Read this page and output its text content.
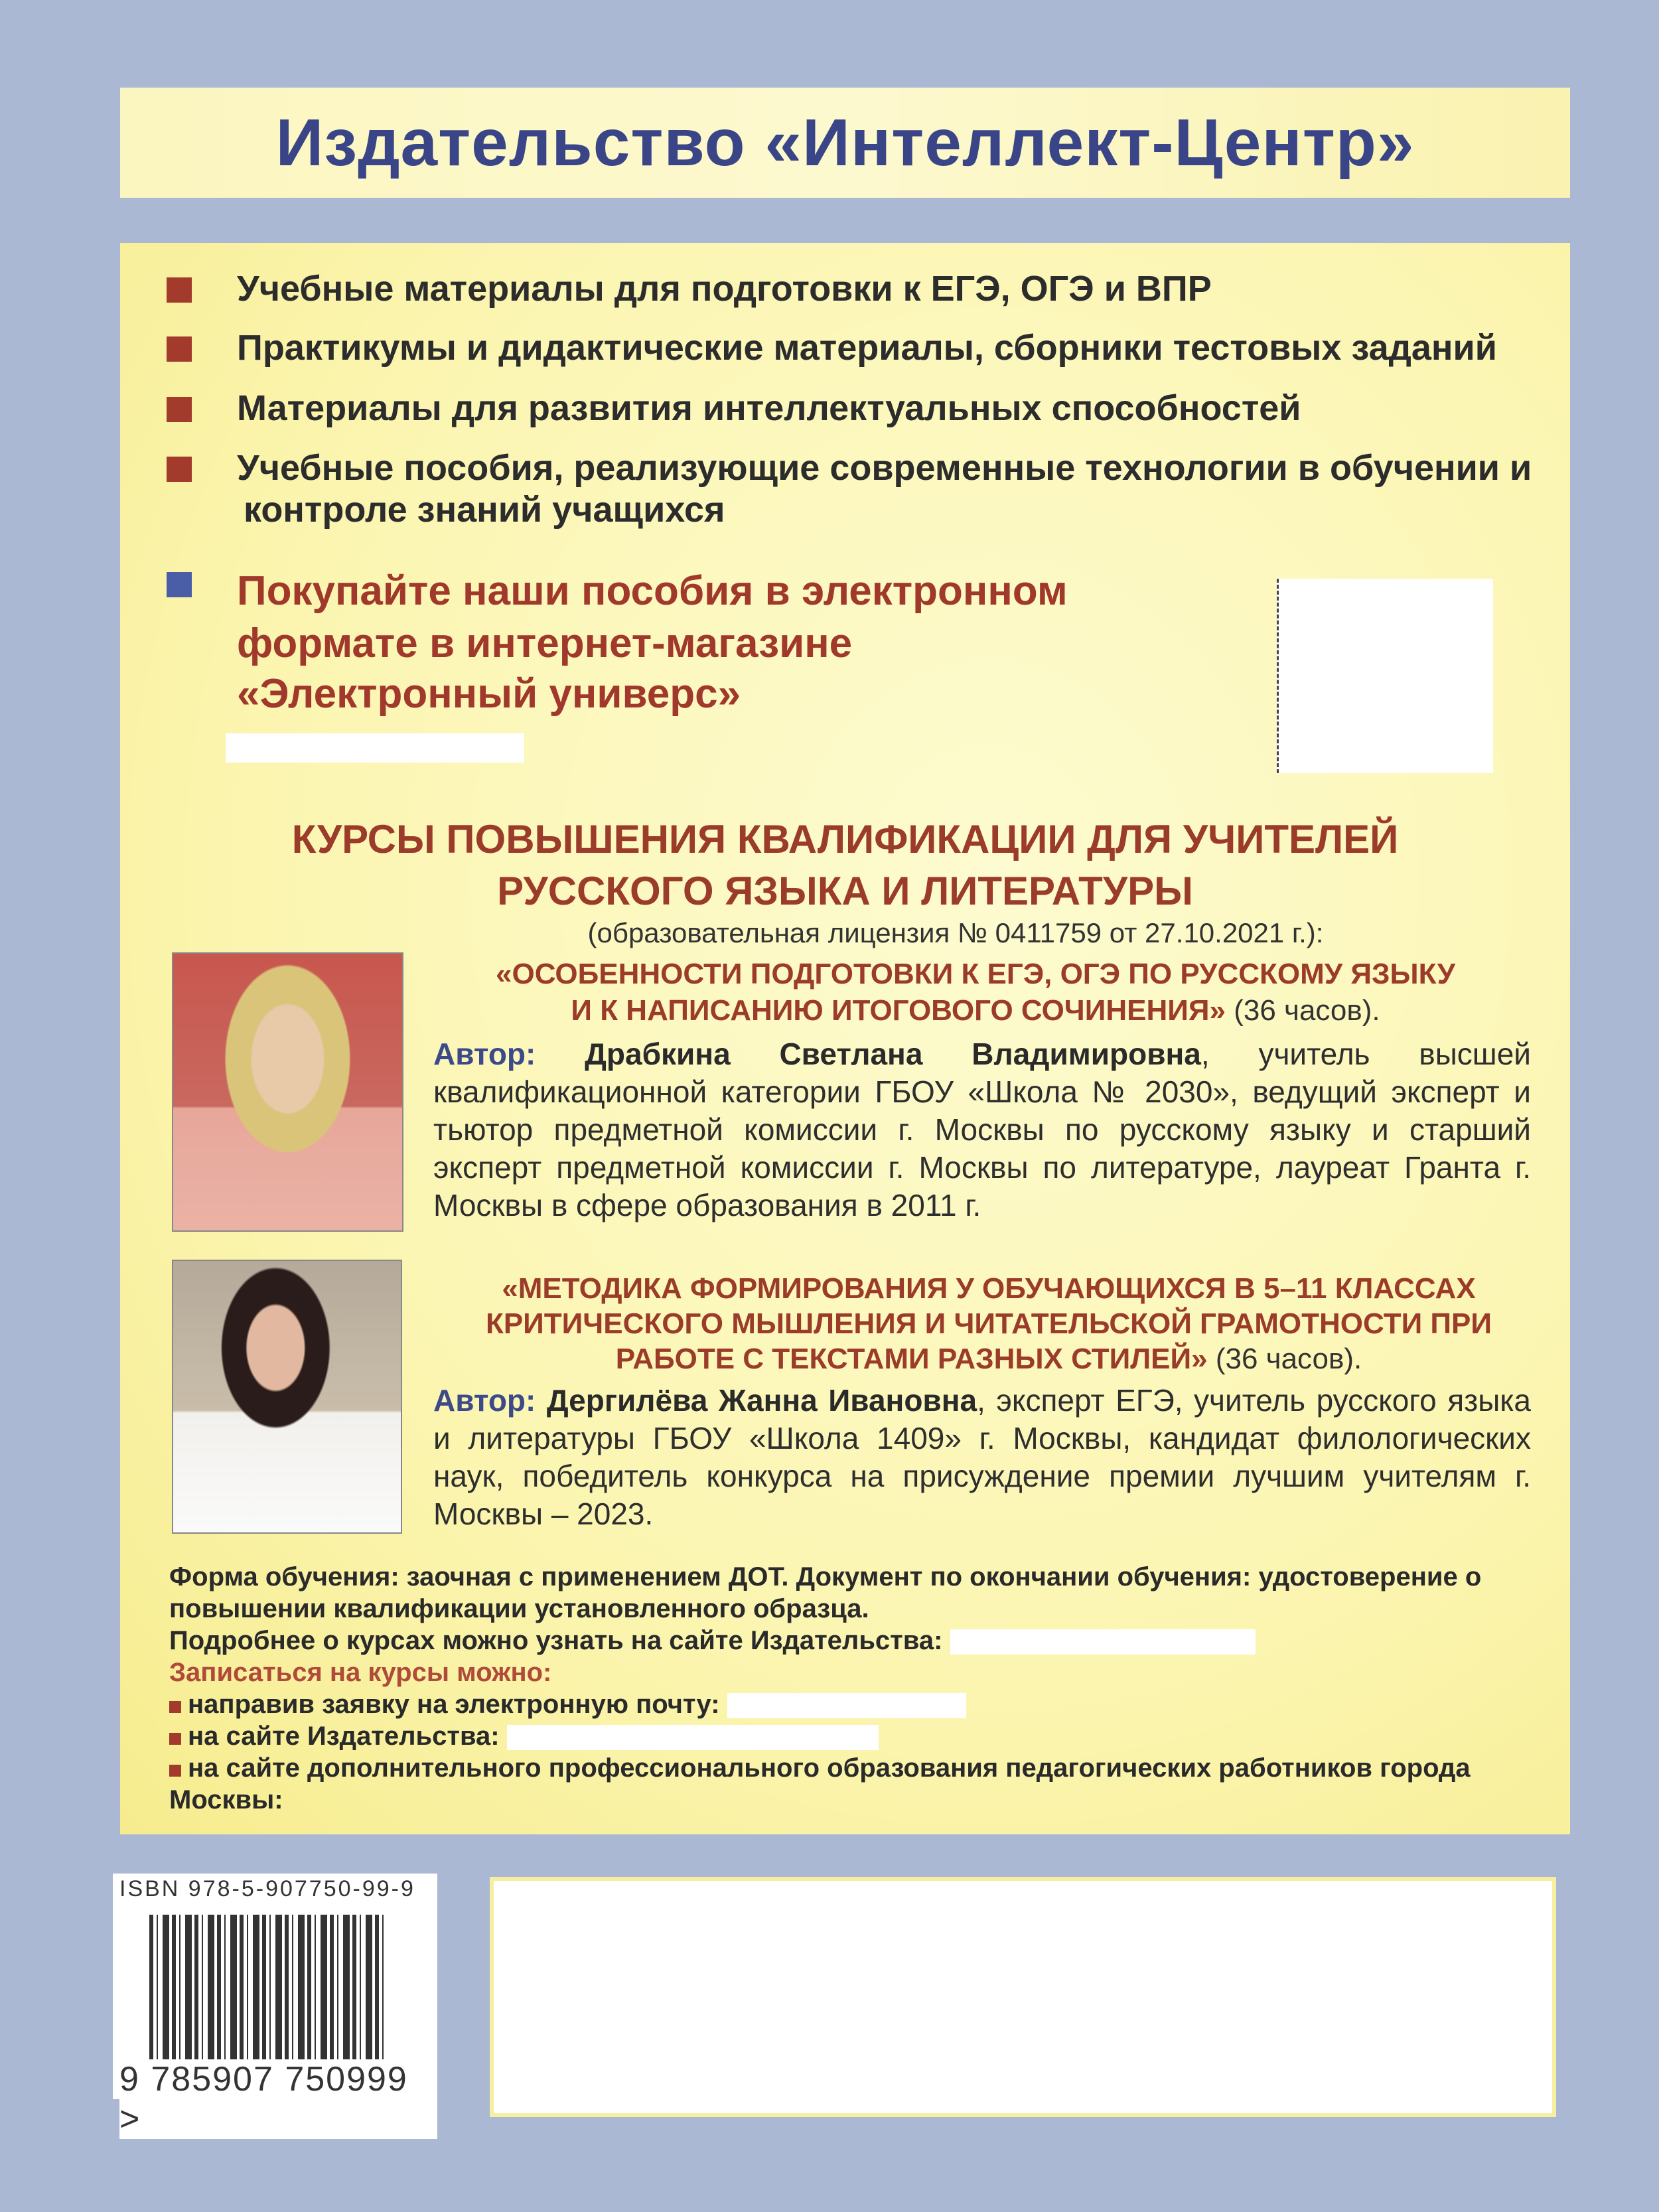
Издательство «Интеллект-Центр»
Учебные материалы для подготовки к ЕГЭ, ОГЭ и ВПР
Практикумы и дидактические материалы, сборники тестовых заданий
Материалы для развития интеллектуальных способностей
Учебные пособия, реализующие современные технологии в обучении и
контроле знаний учащихся
Покупайте наши пособия в электронном
формате в интернет-магазине
«Электронный универс»
КУРСЫ ПОВЫШЕНИЯ КВАЛИФИКАЦИИ ДЛЯ УЧИТЕЛЕЙ
РУССКОГО ЯЗЫКА И ЛИТЕРАТУРЫ
(образовательная лицензия № 0411759 от 27.10.2021 г.):
«ОСОБЕННОСТИ ПОДГОТОВКИ К ЕГЭ, ОГЭ ПО РУССКОМУ ЯЗЫКУ
И К НАПИСАНИЮ ИТОГОВОГО СОЧИНЕНИЯ» (36 часов).
Автор: Драбкина Светлана Владимировна, учитель высшей квалификационной категории ГБОУ «Школа № 2030», ведущий эксперт и тьютор предметной комиссии г. Москвы по русскому языку и старший эксперт предметной комиссии г. Москвы по литературе, лауреат Гранта г. Москвы в сфере образования в 2011 г.
«МЕТОДИКА ФОРМИРОВАНИЯ У ОБУЧАЮЩИХСЯ В 5–11 КЛАССАХ
КРИТИЧЕСКОГО МЫШЛЕНИЯ И ЧИТАТЕЛЬСКОЙ ГРАМОТНОСТИ ПРИ
РАБОТЕ С ТЕКСТАМИ РАЗНЫХ СТИЛЕЙ» (36 часов).
Автор: Дергилёва Жанна Ивановна, эксперт ЕГЭ, учитель русского языка и литературы ГБОУ «Школа 1409» г. Москвы, кандидат филологических наук, победитель конкурса на присуждение премии лучшим учителям г. Москвы – 2023.
Форма обучения: заочная с применением ДОТ. Документ по окончании обучения: удостоверение о повышении квалификации установленного образца.
Подробнее о курсах можно узнать на сайте Издательства:
Записаться на курсы можно:
направив заявку на электронную почту:
на сайте Издательства:
на сайте дополнительного профессионального образования педагогических работников города Москвы:
ISBN 978-5-907750-99-9
9 785907 750999 >
